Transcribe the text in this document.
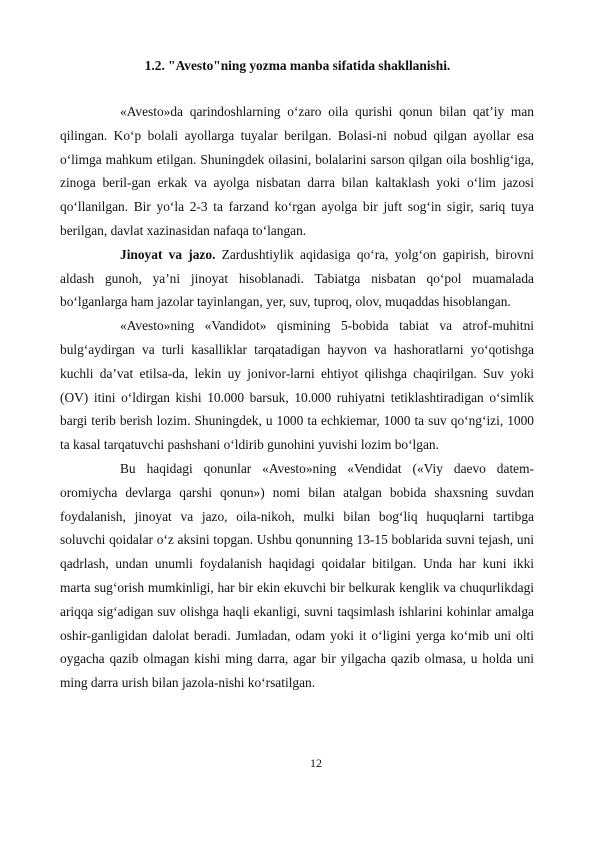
1.2. "Avesto"ning yozma manba sifatida shakllanishi.

«Avesto»da qarindoshlarning o‘zaro oila qurishi qonun bilan qat’iy man qilingan. Ko‘p bolali ayollarga tuyalar berilgan. Bolasi-ni nobud qilgan ayollar esa o‘limga mahkum etilgan. Shuningdek oilasini, bolalarini sarson qilgan oila boshlig‘iga, zinoga beril-gan erkak va ayolga nisbatan darra bilan kaltaklash yoki o‘lim jazosi qo‘llanilgan. Bir yo‘la 2-3 ta farzand ko‘rgan ayolga bir juft sog‘in sigir, sariq tuya berilgan, davlat xazinasidan nafaqa to‘langan.

Jinoyat va jazo. Zardushtiylik aqidasiga qo‘ra, yolg‘on gapirish, birovni aldash gunoh, ya’ni jinoyat hisoblanadi. Tabiatga nisbatan qo‘pol muamalada bo‘lganlarga ham jazolar tayinlangan, yer, suv, tuproq, olov, muqaddas hisoblangan.

«Avesto»ning «Vandidot» qismining 5-bobida tabiat va atrof-muhitni bulg‘aydirgan va turli kasalliklar tarqatadigan hayvon va hashoratlarni yo‘qotishga kuchli da’vat etilsa-da, lekin uy jonivor-larni ehtiyot qilishga chaqirilgan. Suv yoki (OV) itini o‘ldirgan kishi 10.000 barsuk, 10.000 ruhiyatni tetiklashtiradigan o‘simlik bargi terib berish lozim. Shuningdek, u 1000 ta echkiemar, 1000 ta suv qo‘ng‘izi, 1000 ta kasal tarqatuvchi pashshani o‘ldirib gunohini yuvishi lozim bo‘lgan.

Bu haqidagi qonunlar «Avesto»ning «Vendidat («Viy daevo datem-oromiycha devlarga qarshi qonun») nomi bilan atalgan bobida shaxsning suvdan foydalanish, jinoyat va jazo, oila-nikoh, mulki bilan bog‘liq huquqlarni tartibga soluvchi qoidalar o‘z aksini topgan. Ushbu qonunning 13-15 boblarida suvni tejash, uni qadrlash, undan unumli foydalanish haqidagi qoidalar bitilgan. Unda har kuni ikki marta sug‘orish mumkinligi, har bir ekin ekuvchi bir belkurak kenglik va chuqurlikdagi ariqqa sig‘adigan suv olishga haqli ekanligi, suvni taqsimlash ishlarini kohinlar amalga oshir-ganligidan dalolat beradi. Jumladan, odam yoki it o‘ligini yerga ko‘mib uni olti oygacha qazib olmagan kishi ming darra, agar bir yilgacha qazib olmasa, u holda uni ming darra urish bilan jazola-nishi ko‘rsatilgan.

12
